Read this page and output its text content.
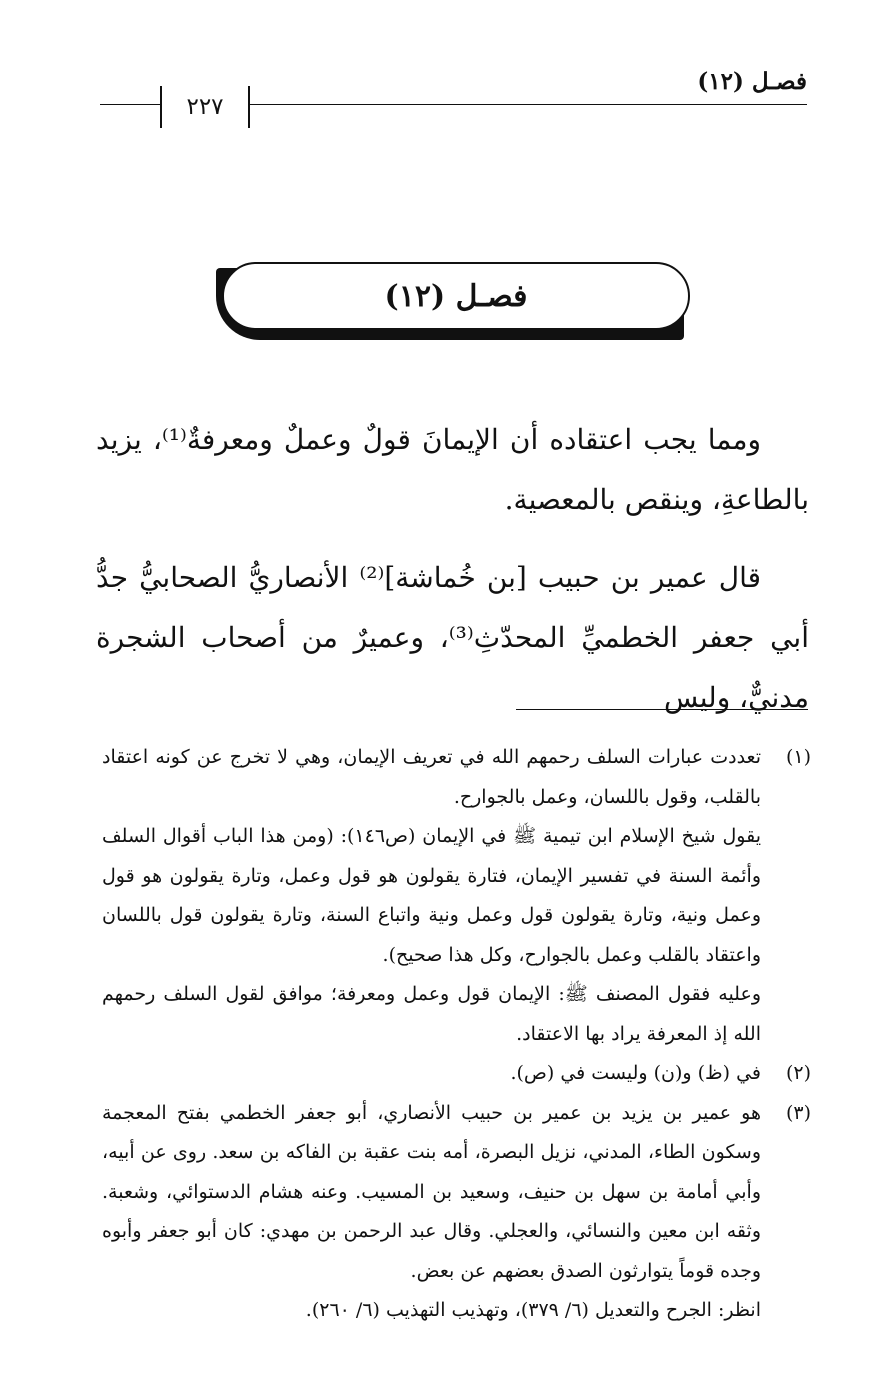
فصـل (١٢)
٢٢٧
فصـل (١٢)
ومما يجب اعتقاده أن الإيمانَ قولٌ وعملٌ ومعرفةٌ⁽¹⁾، يزيد بالطاعةِ، وينقص بالمعصية.
قال عمير بن حبيب [بن خُماشة]⁽²⁾ الأنصاريُّ الصحابيُّ جدُّ أبي جعفر الخطميِّ المحدّثِ⁽³⁾، وعميرٌ من أصحاب الشجرة مدنيٌّ، وليس
(١)

تعددت عبارات السلف رحمهم الله في تعريف الإيمان، وهي لا تخرج عن كونه اعتقاد بالقلب، وقول باللسان، وعمل بالجوارح.

يقول شيخ الإسلام ابن تيمية ﷺ في الإيمان (ص١٤٦): (ومن هذا الباب أقوال السلف وأئمة السنة في تفسير الإيمان، فتارة يقولون هو قول وعمل، وتارة يقولون هو قول وعمل ونية، وتارة يقولون قول وعمل ونية واتباع السنة، وتارة يقولون قول باللسان واعتقاد بالقلب وعمل بالجوارح، وكل هذا صحيح).

وعليه فقول المصنف ﷺ: الإيمان قول وعمل ومعرفة؛ موافق لقول السلف رحمهم الله إذ المعرفة يراد بها الاعتقاد.

(٢)

في (ظ) و(ن) وليست في (ص).

(٣)

هو عمير بن يزيد بن عمير بن حبيب الأنصاري، أبو جعفر الخطمي بفتح المعجمة وسكون الطاء، المدني، نزيل البصرة، أمه بنت عقبة بن الفاكه بن سعد. روى عن أبيه، وأبي أمامة بن سهل بن حنيف، وسعيد بن المسيب. وعنه هشام الدستوائي، وشعبة. وثقه ابن معين والنسائي، والعجلي. وقال عبد الرحمن بن مهدي: كان أبو جعفر وأبوه وجده قوماً يتوارثون الصدق بعضهم عن بعض.

انظر: الجرح والتعديل (٦/ ٣٧٩)، وتهذيب التهذيب (٦/ ٢٦٠).
